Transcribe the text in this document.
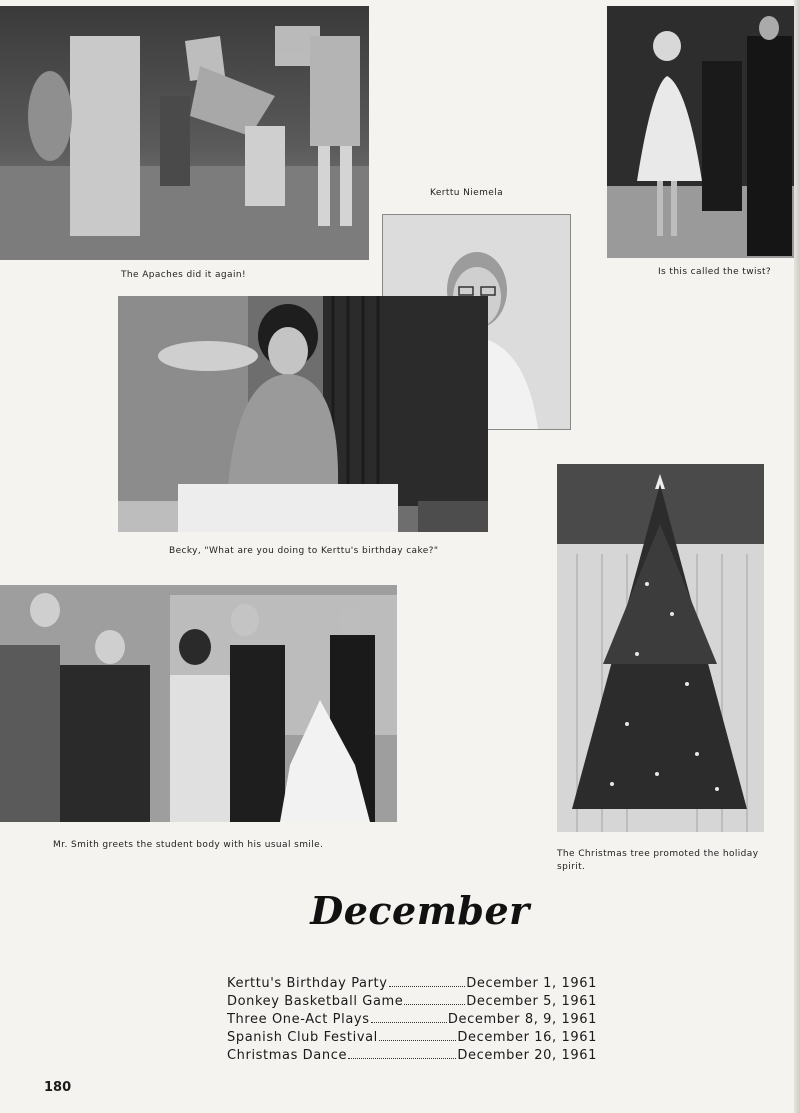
The Apaches did it again!
Kerttu Niemela
Is this called the twist?
Becky, "What are you doing to Kerttu's birthday cake?"
Mr. Smith greets the student body with his usual smile.
The Christmas tree promoted the holiday spirit.
December
Kerttu's Birthday Party	December 1, 1961
Donkey Basketball Game	December 5, 1961
Three One-Act Plays	December 8, 9, 1961
Spanish Club Festival	December 16, 1961
Christmas Dance	December 20, 1961
180
